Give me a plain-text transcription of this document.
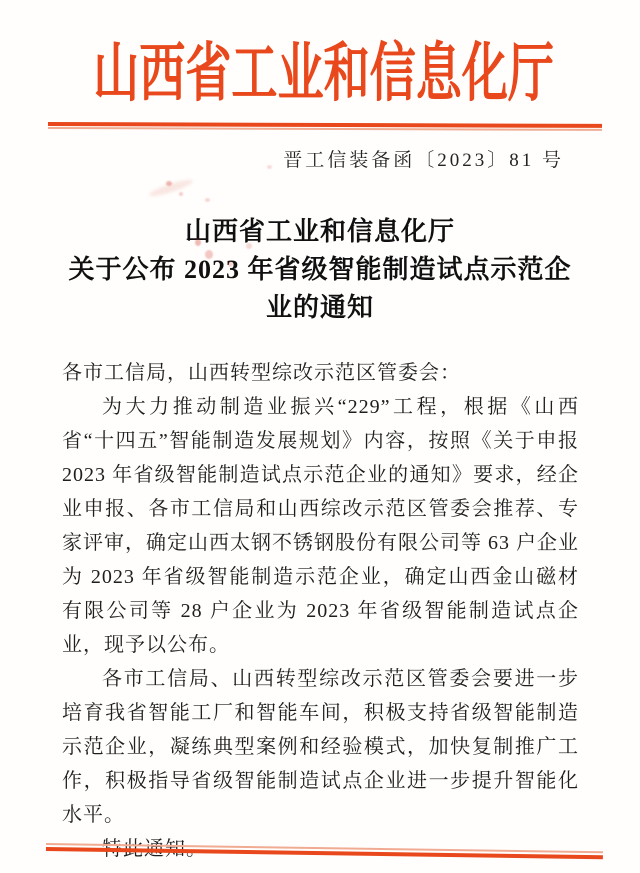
山西省工业和信息化厅
晋工信装备函〔2023〕81 号
山西省工业和信息化厅
关于公布 2023 年省级智能制造试点示范企
业的通知

各市工信局，山西转型综改示范区管委会：

为大力推动制造业振兴“229”工程，根据《山西省“十四五”智能制造发展规划》内容，按照《关于申报 2023 年省级智能制造试点示范企业的通知》要求，经企业申报、各市工信局和山西综改示范区管委会推荐、专家评审，确定山西太钢不锈钢股份有限公司等 63 户企业为 2023 年省级智能制造示范企业，确定山西金山磁材有限公司等 28 户企业为 2023 年省级智能制造试点企业，现予以公布。

各市工信局、山西转型综改示范区管委会要进一步培育我省智能工厂和智能车间，积极支持省级智能制造示范企业，凝练典型案例和经验模式，加快复制推广工作，积极指导省级智能制造试点企业进一步提升智能化水平。
